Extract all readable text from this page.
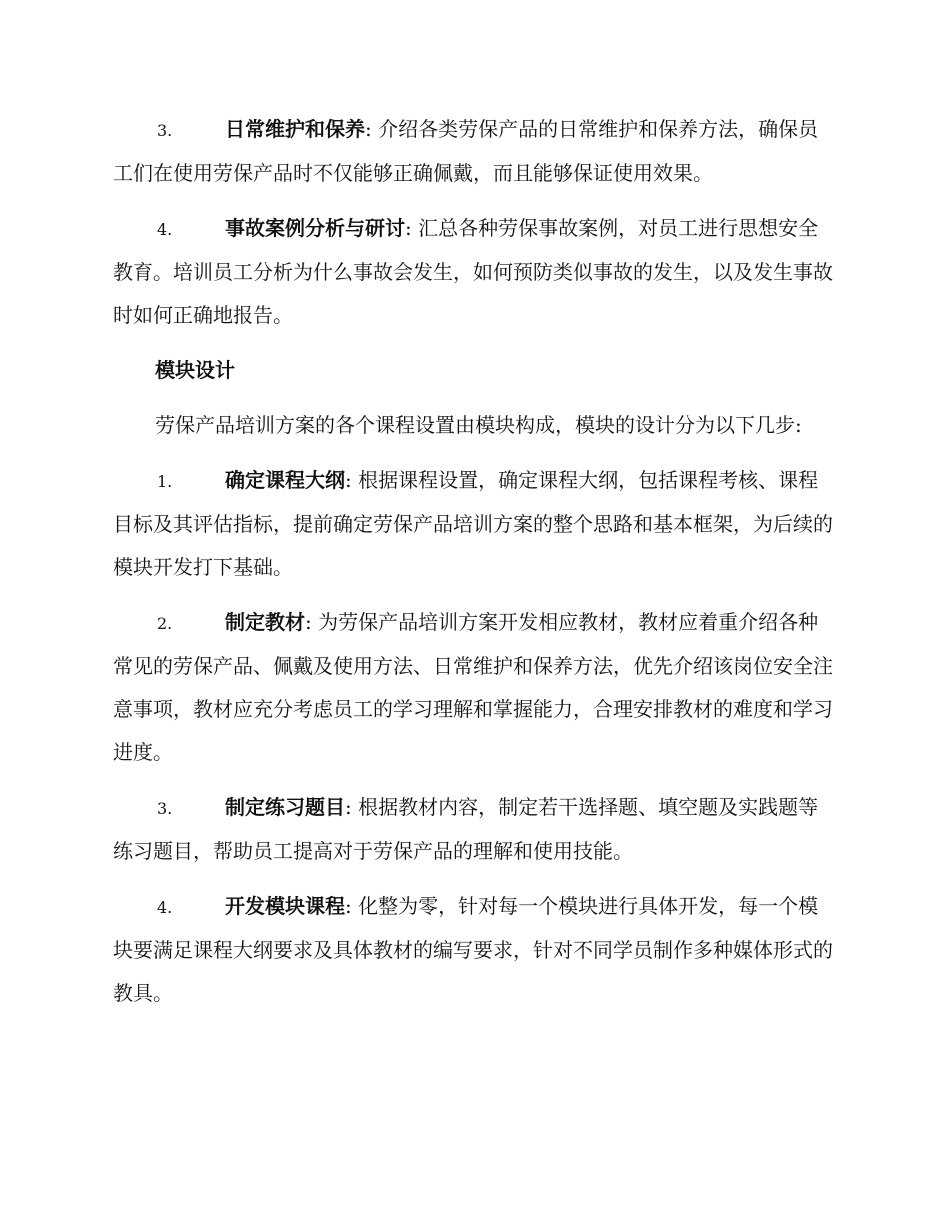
3.	日常维护和保养: 介绍各类劳保产品的日常维护和保养方法，确保员工们在使用劳保产品时不仅能够正确佩戴，而且能够保证使用效果。

4.	事故案例分析与研讨: 汇总各种劳保事故案例，对员工进行思想安全教育。培训员工分析为什么事故会发生，如何预防类似事故的发生，以及发生事故时如何正确地报告。

模块设计

劳保产品培训方案的各个课程设置由模块构成，模块的设计分为以下几步:

1.	确定课程大纲: 根据课程设置，确定课程大纲，包括课程考核、课程目标及其评估指标，提前确定劳保产品培训方案的整个思路和基本框架，为后续的模块开发打下基础。

2.	制定教材: 为劳保产品培训方案开发相应教材，教材应着重介绍各种常见的劳保产品、佩戴及使用方法、日常维护和保养方法，优先介绍该岗位安全注意事项，教材应充分考虑员工的学习理解和掌握能力，合理安排教材的难度和学习进度。

3.	制定练习题目: 根据教材内容，制定若干选择题、填空题及实践题等练习题目，帮助员工提高对于劳保产品的理解和使用技能。

4.	开发模块课程: 化整为零，针对每一个模块进行具体开发，每一个模块要满足课程大纲要求及具体教材的编写要求，针对不同学员制作多种媒体形式的教具。
